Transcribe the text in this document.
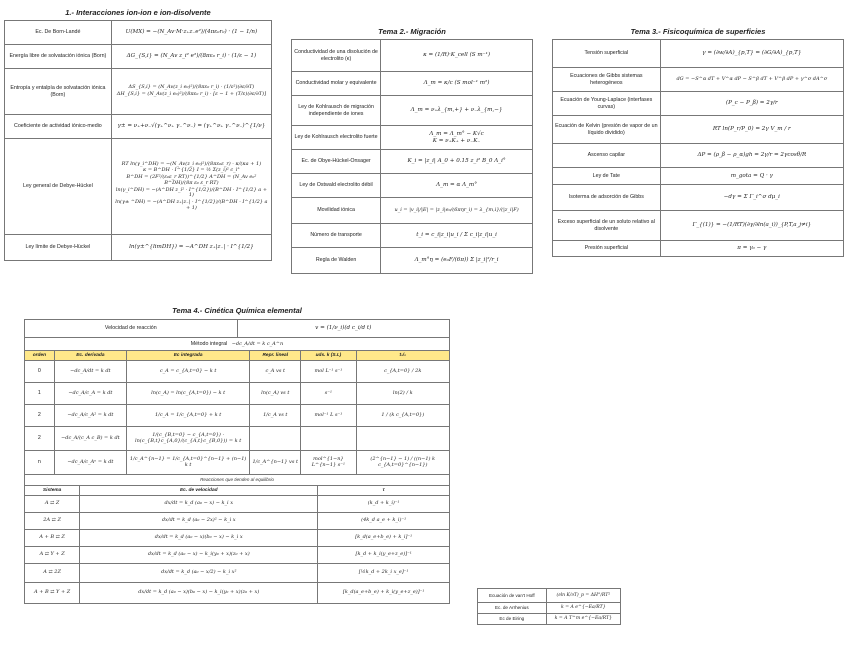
1.- Interacciones ion-ion e ion-disolvente
Ec. De Born-Landé	U(MX) = −(N_Av·M·z₊z₋e²)/(4πε₀r₀) · (1 − 1/n)
Energía libre de solvatación iónica (Born)	ΔG_{S,i} = (N_Av z_i² e²)/(8πε₀ r_i) · (1/ε − 1)
Entropía y entalpía de solvatación iónica (Born)	ΔS_{S,i} = (N_Av(z_i e₀)²)/(8πε₀ r_i) · (1/ε²)(∂ε/∂T)
ΔH_{S,i} = (N_Av(z_i e₀)²)/(8πε₀ r_i) · [ε − 1 + (T/ε)(∂ε/∂T)]

Coeficiente de actividad iónico-medio	γ± = ν₊+ν₋√(γ₊^ν₊ γ₋^ν₋) = (γ₊^ν₊ γ₋^ν₋)^{1/ν}
Ley general de Debye-Hückel	RT ln(γ_i^DH) = −(N_Av(z_i e₀)²)/(8πε₀ε_r) · κ/(κa + 1)
κ = B^DH · I^{1/2} I = ½ Σ(z_i)² c_i°
B^DH = (2F²/(ε₀ε_r RT))^{1/2} A^DH = (N_Av e₀² B^DH)/(8π ε₀ ε_r RT)
ln(γ_i^DH) = −(A^DH z_i² · I^{1/2})/(B^DH · I^{1/2} a + 1)
ln(γ± ^DH) = −(A^DH z₊|z₋| · I^{1/2})/(B^DH · I^{1/2} a + 1)

Ley límite de Debye-Hückel	ln(γ±^{limDH}) = −A^DH z₊|z₋| · I^{1/2}
Tema 2.- Migración
Conductividad de una disolución de electrolito (κ)	κ = (1/R)·K_cell (S m⁻¹)
Conductividad molar y equivalente	Λ_m = κ/c (S mol⁻¹ m²)
Ley de Kohlrausch de migración independiente de iones	Λ_m = ν₊λ_{m,+} + ν₋λ_{m,−}
Ley de Kohlrausch electrolito fuerte	Λ_m = Λ_m° − K√c
K = ν₊K₊ + ν₋K₋

Ec. de Obye-Hückel-Onsager	K_i = |z_i| A_0 + 0.15 z_i² B_0 Λ_i°
Ley de Ostwald electrolito débil	Λ_m = α Λ_m°
Movilidad iónica	u_i = |v_i|/|E| = |z_i|e₀/(6πηr_i) = λ_{m,i}/(|z_i|F)
Número de transporte	t_i = c_i|z_i|u_i / Σ c_i|z_i|u_i
Regla de Walden	Λ_m°η = (e₀F/(6π)) Σ |z_i|²/r_i
Tema 3.- Fisicoquímica de superficies
Tensión superficial	γ = (∂w/∂A)_{p,T} = (∂G/∂A)_{p,T}
Ecuaciones de Gibbs sistemas heterogéneos	dG = −S^α dT + V^α dP − S^β dT + V^β dP + γ^σ dA^σ
Ecuación de Young-Laplace (interfases curvas)	(P_c − P_β) = 2γ/r
Ecuación de Kelvin (presión de vapor de un líquido dividido)	RT ln(P_r/P_0) = 2γ V_m / r
Ascenso capilar	ΔP = (ρ_β − ρ_α)gh = 2γ/r = 2γcosθ/R
Ley de Tate	m_gota = Q · γ
Isoterma de adsorción de Gibbs	−dγ = Σ Γ_i^σ dμ_i
Exceso superficial de un soluto relativo al disolvente	Γ_{(1)} = −(1/RT)(∂γ/∂ln(a_i))_{P,T,a_j≠i}
Presión superficial	π = γ₀ − γ
Tema 4.- Cinética Química elemental
Velocidad de reacción	v = (1/ν_i)(d c_i/d t)
Método integral −dc_A/dt = k c_A^n
orden	Ec. derivada	Ec integrada	Repr. lineal	uds. k (S.I.)	t₁/₂
0	−dc_A/dt = k dt	c_A = c_{A,t=0} − k t	c_A vs t	mol L⁻¹ s⁻¹	c_{A,t=0} / 2k
1	−dc_A/c_A = k dt	ln(c_A) = ln(c_{A,t=0}) − k t	ln(c_A) vs t	s⁻¹	ln(2) / k
2	−dc_A/c_A² = k dt	1/c_A = 1/c_{A,t=0} + k t	1/c_A vs t	mol⁻¹ L s⁻¹	1 / (k c_{A,t=0})
2	−dc_A/(c_A c_B) = k dt	1/(c_{B,t=0} − c_{A,t=0}) · ln(c_{B,t}c_{A,0}/(c_{A,t}c_{B,0})) = k t			
n	−dc_A/c_Aⁿ = k dt	1/c_A^{n−1} = 1/c_{A,t=0}^{n−1} + (n−1) k t	1/c_A^{n−1} vs t	mol^{1−n} L^{n−1} s⁻¹	(2^{n−1} − 1) / ((n−1) k c_{A,t=0}^{n−1})
Reacciones que tienden al equilibrio
Sistema	Ec. de velocidad	τ
A ⇄ Z	dx/dt = k_d (a₀ − x) − k_i x	(k_d + k_i)⁻¹
2A ⇄ Z	dx/dt = k_d (a₀ − 2x)² − k_i x	(4k_d a_e + k_i)⁻¹
A + B ⇄ Z	dx/dt = k_d (a₀ − x)(b₀ − x) − k_i x	[k_d(a_e+b_e) + k_i]⁻¹
A ⇄ Y + Z	dx/dt = k_d (a₀ − x) − k_i(y₀ + x)(z₀ + x)	[k_d + k_i(y_e+z_e)]⁻¹
A ⇄ 2Z	dx/dt = k_d (a₀ − x/2) − k_i x²	[½k_d + 2k_i x_e]⁻¹
A + B ⇄ Y + Z	dx/dt = k_d (a₀ − x)(b₀ − x) − k_i(y₀ + x)(z₀ + x)	[k_d(a_e+b_e) + k_i(y_e+z_e)]⁻¹
Ecuación de van't Hoff	(∂ln K/∂T)_p = ΔH°/RT²
Ec. de Arrhenius	k = A e^{−Ea/RT}
Ec de Eiring	k = A T^m e^{−Ea/RT}
